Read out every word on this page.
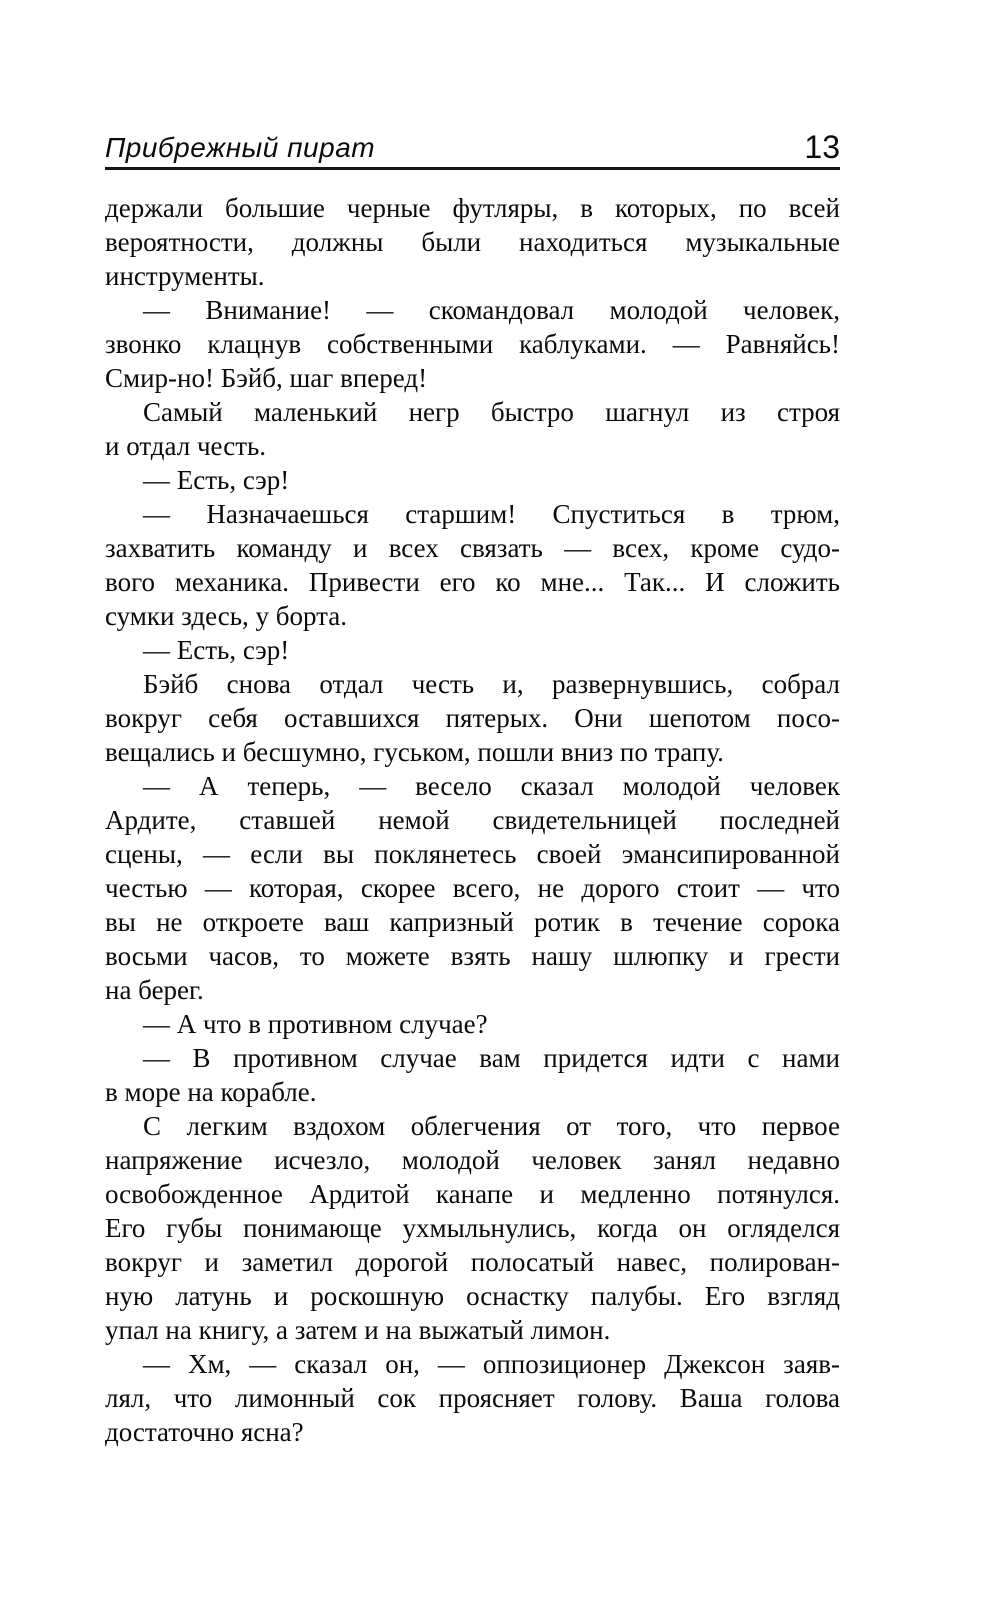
Прибрежный пират	13
держали большие черные футляры, в которых, по всей
вероятности, должны были находиться музыкальные
инструменты.
— Внимание! — скомандовал молодой человек,
звонко клацнув собственными каблуками. — Равняйсь!
Смир-но! Бэйб, шаг вперед!
Самый маленький негр быстро шагнул из строя
и отдал честь.
— Есть, сэр!
— Назначаешься старшим! Спуститься в трюм,
захватить команду и всех связать — всех, кроме судо-
вого механика. Привести его ко мне... Так... И сложить
сумки здесь, у борта.
— Есть, сэр!
Бэйб снова отдал честь и, развернувшись, собрал
вокруг себя оставшихся пятерых. Они шепотом посо-
вещались и бесшумно, гуськом, пошли вниз по трапу.
— А теперь, — весело сказал молодой человек
Ардите, ставшей немой свидетельницей последней
сцены, — если вы поклянетесь своей эмансипированной
честью — которая, скорее всего, не дорого стоит — что
вы не откроете ваш капризный ротик в течение сорока
восьми часов, то можете взять нашу шлюпку и грести
на берег.
— А что в противном случае?
— В противном случае вам придется идти с нами
в море на корабле.
С легким вздохом облегчения от того, что первое
напряжение исчезло, молодой человек занял недавно
освобожденное Ардитой канапе и медленно потянулся.
Его губы понимающе ухмыльнулись, когда он огляделся
вокруг и заметил дорогой полосатый навес, полирован-
ную латунь и роскошную оснастку палубы. Его взгляд
упал на книгу, а затем и на выжатый лимон.
— Хм, — сказал он, — оппозиционер Джексон заяв-
лял, что лимонный сок проясняет голову. Ваша голова
достаточно ясна?
